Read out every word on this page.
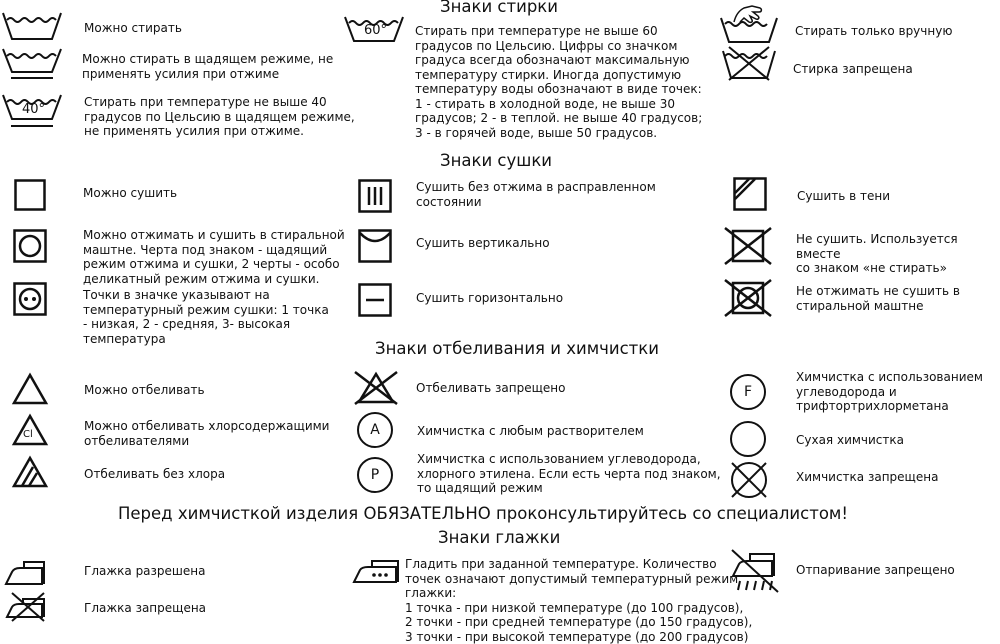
Знаки стирки
Можно стирать
Можно стирать в щадящем режиме, не
применять усилия при отжиме
40°	Стирать при температуре не выше 40
градусов по Цельсию в щадящем режиме,
не применять усилия при отжиме.
60° Стирать при температуре не выше 60
градусов по Цельсию. Цифры со значком
градуса всегда обозначают максимальную
температуру стирки. Иногда допустимую
температуру воды обозначают в виде точек:
1 - стирать в холодной воде, не выше 30
градусов; 2 - в теплой. не выше 40 градусов;
3 - в горячей воде, выше 50 градусов.
Стирать только вручную
Стирка запрещена
Знаки сушки
Можно сушить
Можно отжимать и сушить в стиральной
маштне. Черта под знаком - щадящий
режим отжима и сушки, 2 черты - особо
деликатный режим отжима и сушки.
Точки в значке указывают на
температурный режим сушки: 1 точка
- низкая, 2 - средняя, 3- высокая
температура
Сушить без отжима в расправленном
состоянии
Сушить вертикально
Сушить горизонтально
Сушить в тени
Не сушить. Используется вместе
со знаком «не стирать»
Не отжимать не сушить в
стиральной маштне
Знаки отбеливания и химчистки
Можно отбеливать
Cl
Можно отбеливать хлорсодержащими
отбеливателями
Отбеливать без хлора
Отбеливать запрещено
A	Химчистка с любым растворителем
P
Химчистка с использованием углеводорода,
хлорного этилена. Если есть черта под знаком,
то щадящий режим
F
Химчистка с использованием
углеводорода и
трифтортрихлорметана
Сухая химчистка
Химчистка запрещена
Перед химчисткой изделия ОБЯЗАТЕЛЬНО проконсультируйтесь со специалистом!
Знаки глажки
Глажка разрешена
Глажка запрещена
Гладить при заданной температуре. Количество
точек означают допустимый температурный режим
глажки:
1 точка - при низкой температуре (до 100 градусов),
2 точки - при средней температуре (до 150 градусов),
3 точки - при высокой температуре (до 200 градусов)
Отпаривание запрещено
